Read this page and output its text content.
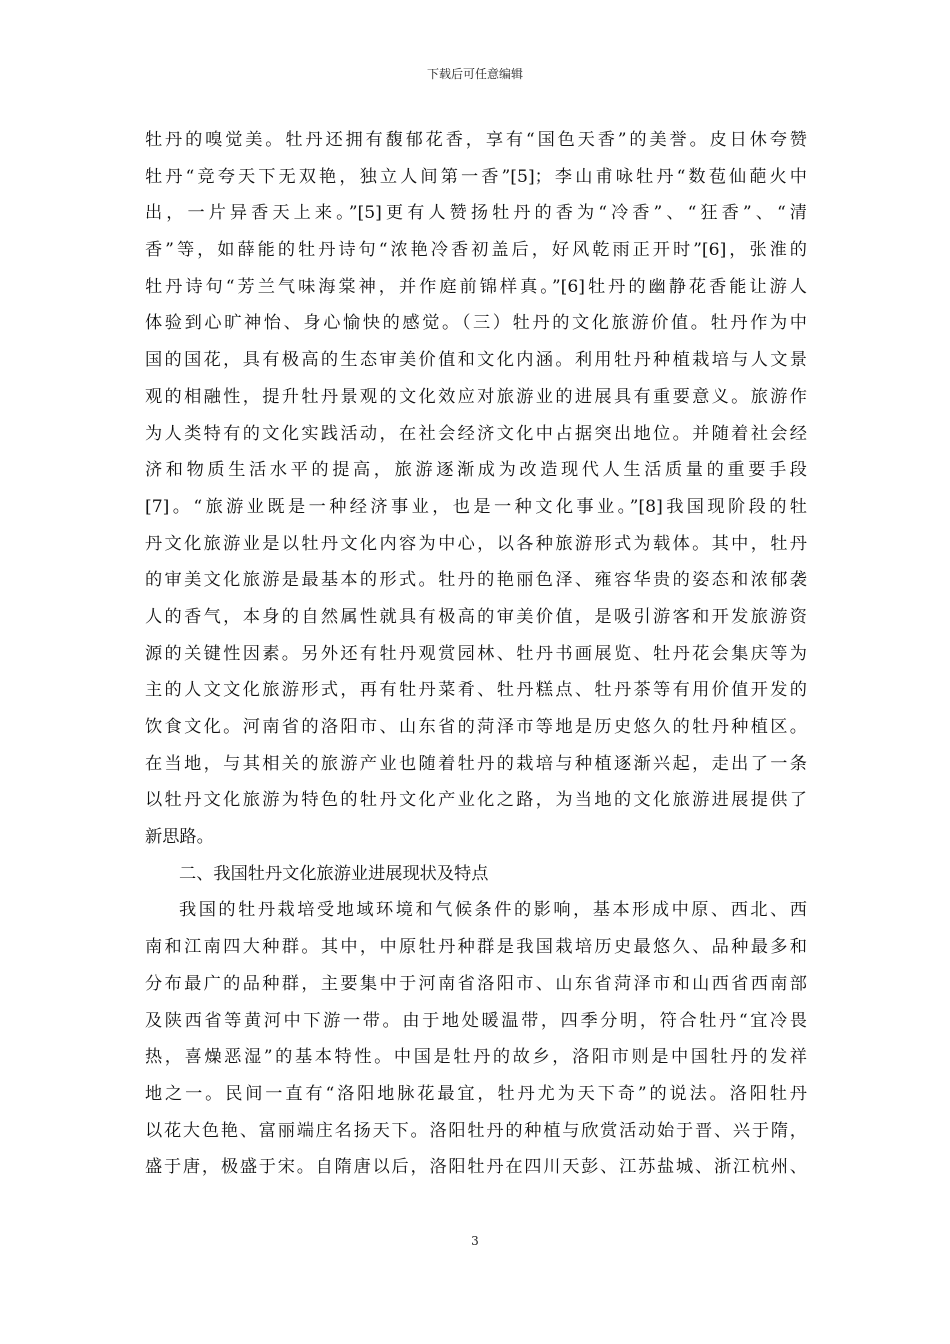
下载后可任意编辑
牡丹的嗅觉美。牡丹还拥有馥郁花香，享有“国色天香”的美誉。皮日休夸赞
牡丹“竞夸天下无双艳，独立人间第一香”[5]；李山甫咏牡丹“数苞仙葩火中
出，一片异香天上来。”[5]更有人赞扬牡丹的香为“冷香”、“狂香”、“清
香”等，如薛能的牡丹诗句“浓艳冷香初盖后，好风乾雨正开时”[6]，张淮的
牡丹诗句“芳兰气味海棠神，并作庭前锦样真。”[6]牡丹的幽静花香能让游人
体验到心旷神怡、身心愉快的感觉。（三）牡丹的文化旅游价值。牡丹作为中
国的国花，具有极高的生态审美价值和文化内涵。利用牡丹种植栽培与人文景
观的相融性，提升牡丹景观的文化效应对旅游业的进展具有重要意义。旅游作
为人类特有的文化实践活动，在社会经济文化中占据突出地位。并随着社会经
济和物质生活水平的提高，旅游逐渐成为改造现代人生活质量的重要手段
[7]。“旅游业既是一种经济事业，也是一种文化事业。”[8]我国现阶段的牡
丹文化旅游业是以牡丹文化内容为中心，以各种旅游形式为载体。其中，牡丹
的审美文化旅游是最基本的形式。牡丹的艳丽色泽、雍容华贵的姿态和浓郁袭
人的香气，本身的自然属性就具有极高的审美价值，是吸引游客和开发旅游资
源的关键性因素。另外还有牡丹观赏园林、牡丹书画展览、牡丹花会集庆等为
主的人文文化旅游形式，再有牡丹菜肴、牡丹糕点、牡丹茶等有用价值开发的
饮食文化。河南省的洛阳市、山东省的菏泽市等地是历史悠久的牡丹种植区。
在当地，与其相关的旅游产业也随着牡丹的栽培与种植逐渐兴起，走出了一条
以牡丹文化旅游为特色的牡丹文化产业化之路，为当地的文化旅游进展提供了
新思路。
二、我国牡丹文化旅游业进展现状及特点
我国的牡丹栽培受地域环境和气候条件的影响，基本形成中原、西北、西
南和江南四大种群。其中，中原牡丹种群是我国栽培历史最悠久、品种最多和
分布最广的品种群，主要集中于河南省洛阳市、山东省菏泽市和山西省西南部
及陕西省等黄河中下游一带。由于地处暖温带，四季分明，符合牡丹“宜冷畏
热，喜燥恶湿”的基本特性。中国是牡丹的故乡，洛阳市则是中国牡丹的发祥
地之一。民间一直有“洛阳地脉花最宜，牡丹尤为天下奇”的说法。洛阳牡丹
以花大色艳、富丽端庄名扬天下。洛阳牡丹的种植与欣赏活动始于晋、兴于隋，
盛于唐，极盛于宋。自隋唐以后，洛阳牡丹在四川天彭、江苏盐城、浙江杭州、
3
